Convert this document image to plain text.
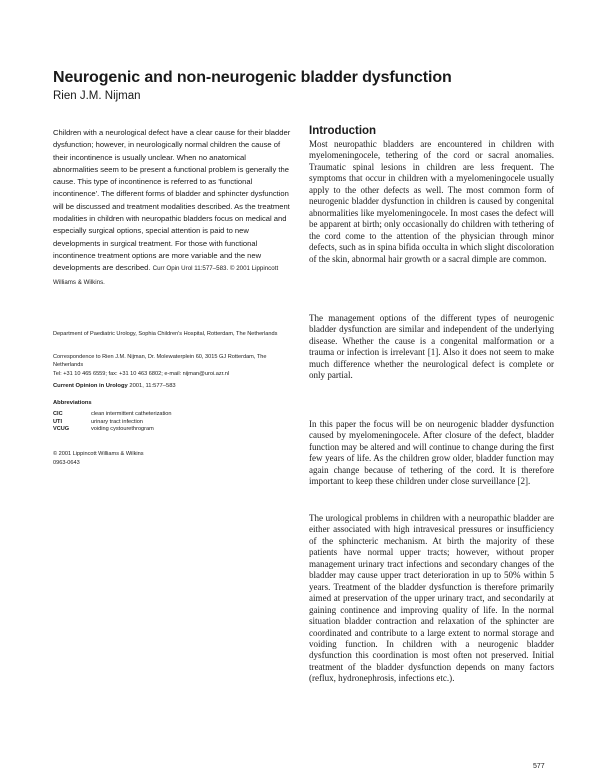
Neurogenic and non-neurogenic bladder dysfunction
Rien J.M. Nijman
Children with a neurological defect have a clear cause for their bladder dysfunction; however, in neurologically normal children the cause of their incontinence is usually unclear. When no anatomical abnormalities seem to be present a functional problem is generally the cause. This type of incontinence is referred to as 'functional incontinence'. The different forms of bladder and sphincter dysfunction will be discussed and treatment modalities described. As the treatment modalities in children with neuropathic bladders focus on medical and especially surgical options, special attention is paid to new developments in surgical treatment. For those with functional incontinence treatment options are more variable and the new developments are described. Curr Opin Urol 11:577–583. © 2001 Lippincott Williams & Wilkins.
Department of Paediatric Urology, Sophia Children's Hospital, Rotterdam, The Netherlands
Correspondence to Rien J.M. Nijman, Dr. Molewaterplein 60, 3015 GJ Rotterdam, The Netherlands
Tel: +31 10 465 6559; fax: +31 10 463 6802; e-mail: nijman@uroi.azr.nl
Current Opinion in Urology 2001, 11:577–583
Abbreviations
CIC	clean intermittent catheterization
UTI	urinary tract infection
VCUG	voiding cystourethrogram
© 2001 Lippincott Williams & Wilkins
0963-0643
Introduction

Most neuropathic bladders are encountered in children with myelomeningocele, tethering of the cord or sacral anomalies. Traumatic spinal lesions in children are less frequent. The symptoms that occur in children with a myelomeningocele usually apply to the other defects as well. The most common form of neurogenic bladder dysfunction in children is caused by congenital abnormalities like myelomeningocele. In most cases the defect will be apparent at birth; only occasionally do children with tethering of the cord come to the attention of the physician through minor defects, such as in spina bifida occulta in which slight discoloration of the skin, abnormal hair growth or a sacral dimple are common.

The management options of the different types of neurogenic bladder dysfunction are similar and independent of the underlying disease. Whether the cause is a congenital malformation or a trauma or infection is irrelevant [1]. Also it does not seem to make much difference whether the neurological defect is complete or only partial.

In this paper the focus will be on neurogenic bladder dysfunction caused by myelomeningocele. After closure of the defect, bladder function may be altered and will continue to change during the first few years of life. As the children grow older, bladder function may again change because of tethering of the cord. It is therefore important to keep these children under close surveillance [2].

The urological problems in children with a neuropathic bladder are either associated with high intravesical pressures or insufficiency of the sphincteric mechanism. At birth the majority of these patients have normal upper tracts; however, without proper management urinary tract infections and secondary changes of the bladder may cause upper tract deterioration in up to 50% within 5 years. Treatment of the bladder dysfunction is therefore primarily aimed at preservation of the upper urinary tract, and secondarily at gaining continence and improving quality of life. In the normal situation bladder contraction and relaxation of the sphincter are coordinated and contribute to a large extent to normal storage and voiding function. In children with a neurogenic bladder dysfunction this coordination is most often not preserved. Initial treatment of the bladder dysfunction depends on many factors (reflux, hydronephrosis, infections etc.).

577
